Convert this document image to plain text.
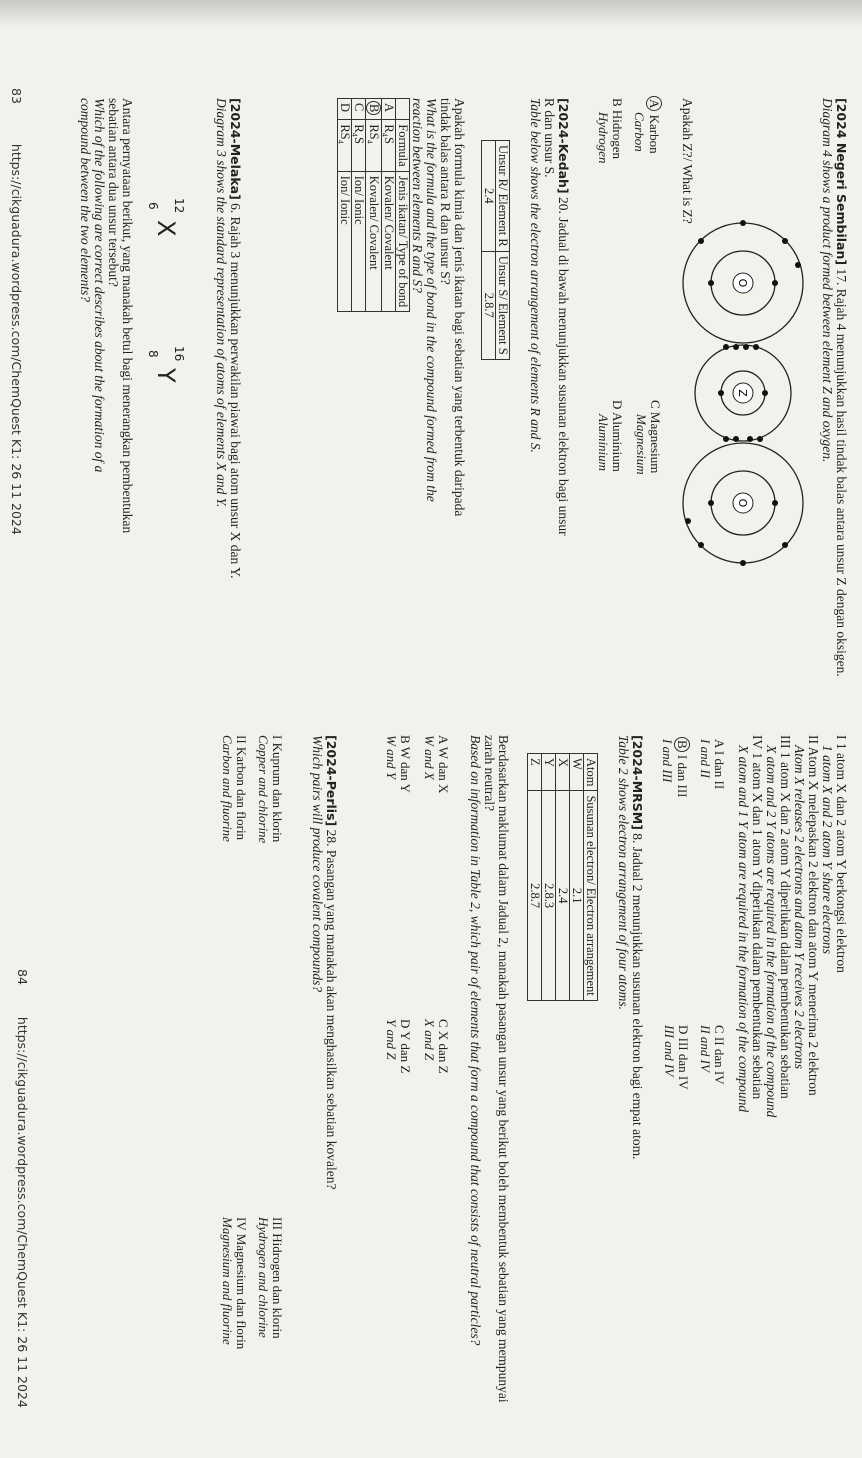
[2024 Negeri Sembilan] 17. Rajah 4 menunjukkan hasil tindak balas antara unsur Z dengan oksigen.

Diagram 4 shows a product formed between element Z and oxygen.

O
Z
O
Apakah Z?/ What is Z?
A Karbon
Carbon
B Hidrogen
Hydrogen
C Magnesium
Magnesium
D Aluminium
Aluminium

[2024-Kedah] 20. Jadual di bawah menunjukkan susunan elektron bagi unsur R dan unsur S.

Table below shows the electron arrangement of elements R and S.

Unsur R/ Element R	Unsur S/ Element S
2.4	2.8.7

Apakah formula kimia dan jenis ikatan bagi sebatian yang terbentuk daripada tindak balas antara R dan unsur S?

What is the formula and the type of bond in the compound formed from the reaction between elements R and S?

	Formula	Jenis ikatan/ Type of bond
A	R₄S	Kovalen/ Covalent
B	RS₄	Kovalen/ Covalent
C	R₄S	Ion/ Ionic
D	RS₄	Ion/ Ionic

[2024-Melaka] 6. Rajah 3 menunjukkan perwakilan piawai bagi atom unsur X dan Y.

Diagram 3 shows the standard representation of atoms of elements X and Y.

12
6
X
16
8
Y

Antara pernyataan berikut, yang manakah betul bagi menerangkan pembentukan sebatian antara dua unsur tersebut?

Which of the following are correct describes about the formation of a

compound between the two elements?

83 https://cikguadura.wordpress.com/ChemQuest K1: 26 11 2024

I 1 atom X dan 2 atom Y berkongsi elektron

1 atom X and 2 atom Y share electrons

II Atom X melepaskan 2 elektron dan atom Y menerima 2 elektron

Atom X releases 2 electrons and atom Y receives 2 electrons

III 1 atom X dan 2 atom Y diperlukan dalam pembentukan sebatian

X atom and 2 Y atoms are required in the formation of the compound

IV 1 atom X dan 1 atom Y diperlukan dalam pembentukan sebatian

X atom and 1 Y atom are required in the formation of the compound

A I dan II
I and II
B I dan III
I and III
C II dan IV
II and IV
D III dan IV
III and IV

[2024-MRSM] 8. Jadual 2 menunjukkan susunan elektron bagi empat atom.

Table 2 shows electron arrangement of four atoms.

Atom	Susunan electron/ Electron arrangement
W	2.1
X	2.4
Y	2.8.3
Z	2.8.7

Berdasarkan maklumat dalam Jadual 2, manakah pasangan unsur yang berikut boleh membentuk sebatian yang mempunyai zarah neutral?

Based on information in Table 2, which pair of elements that form a compound that consists of neutral particles?

A W dan X
W and X
B W dan Y
W and Y
C X dan Z
X and Z
D Y dan Z
Y and Z

[2024-Perlis] 28. Pasangan yang manakah akan menghasilkan sebatian kovalen?

Which pairs will produce covalent compounds?

I Kuprum dan klorin
Copper and chlorine
II Karbon dan florin
Carbon and fluorine
III Hidrogen dan klorin
Hydrogen and chlorine
IV Magnesium dan florin
Magnesium and fluorine
84 https://cikguadura.wordpress.com/ChemQuest K1: 26 11 2024
